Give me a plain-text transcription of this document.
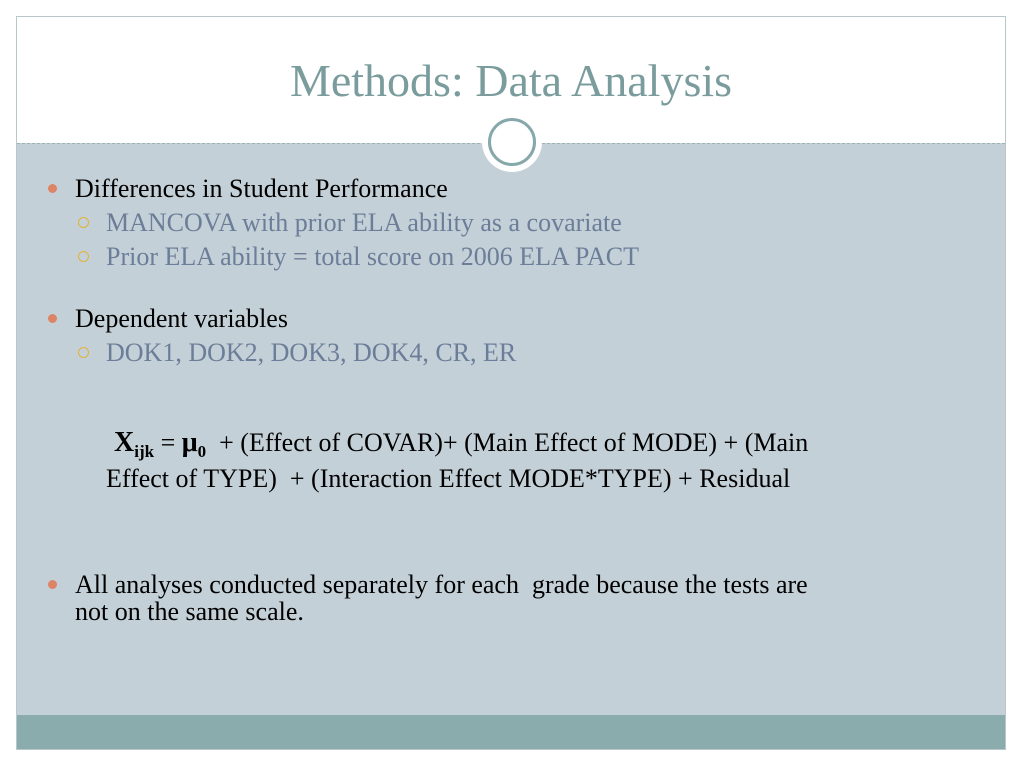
Methods: Data Analysis
Differences in Student Performance
MANCOVA with prior ELA ability as a covariate
Prior ELA ability = total score on 2006 ELA PACT
Dependent variables
DOK1, DOK2, DOK3, DOK4, CR, ER
$X_{ijk} = \mu_0$  + (Effect of COVAR)+ (Main Effect of MODE) + (Main
Effect of TYPE)  + (Interaction Effect MODE*TYPE) + Residual
All analyses conducted separately for each  grade because the tests are
not on the same scale.
